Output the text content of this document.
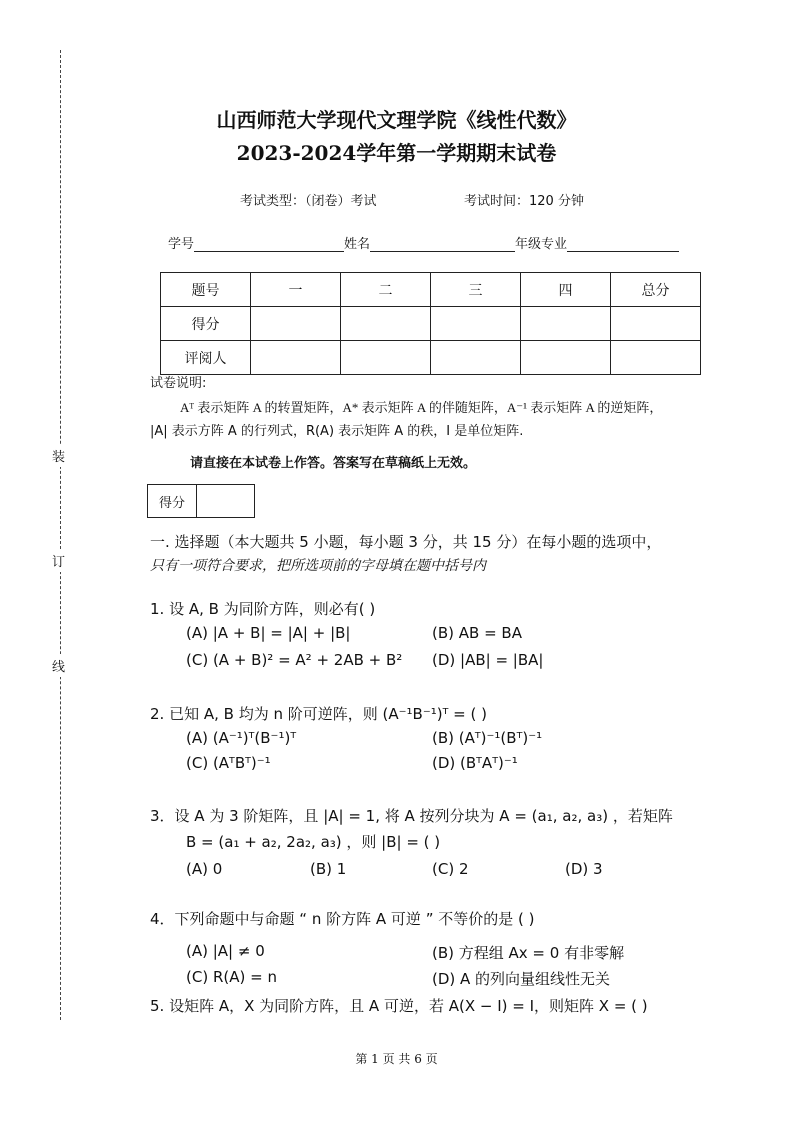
装
订
线
山西师范大学现代文理学院《线性代数》
2023-2024学年第一学期期末试卷
考试类型：（闭卷）考试	考试时间：120 分钟
学号	姓名	年级专业
题号	一	二	三	四	总分
得分					
评阅人					
试卷说明:
Aᵀ 表示矩阵 A 的转置矩阵，A* 表示矩阵 A 的伴随矩阵，A⁻¹ 表示矩阵 A 的逆矩阵，
|A| 表示方阵 A 的行列式，R(A) 表示矩阵 A 的秩，I 是单位矩阵.
请直接在本试卷上作答。答案写在草稿纸上无效。
得分	
一. 选择题（本大题共 5 小题，每小题 3 分，共 15 分）在每小题的选项中，
只有一项符合要求，把所选项前的字母填在题中括号内
1. 设 A, B 为同阶方阵，则必有( )
(A) |A + B| = |A| + |B|	(B) AB = BA
(C) (A + B)² = A² + 2AB + B² (D) |AB| = |BA|
2. 已知 A, B 均为 n 阶可逆阵，则 (A⁻¹B⁻¹)ᵀ = ( )
(A) (A⁻¹)ᵀ(B⁻¹)ᵀ	(B) (Aᵀ)⁻¹(Bᵀ)⁻¹
(C) (AᵀBᵀ)⁻¹	(D) (BᵀAᵀ)⁻¹
3．设 A 为 3 阶矩阵，且 |A| = 1, 将 A 按列分块为 A = (a₁, a₂, a₃) ，若矩阵
B = (a₁ + a₂, 2a₂, a₃) ，则 |B| = ( )
(A) 0	(B) 1	(C) 2	(D) 3
4．下列命题中与命题 “ n 阶方阵 A 可逆 ” 不等价的是 ( )
(A) |A| ≠ 0	(B) 方程组 Ax = 0 有非零解
(C) R(A) = n	(D) A 的列向量组线性无关
5. 设矩阵 A，X 为同阶方阵，且 A 可逆，若 A(X − I) = I，则矩阵 X = ( )
第 1 页 共 6 页
